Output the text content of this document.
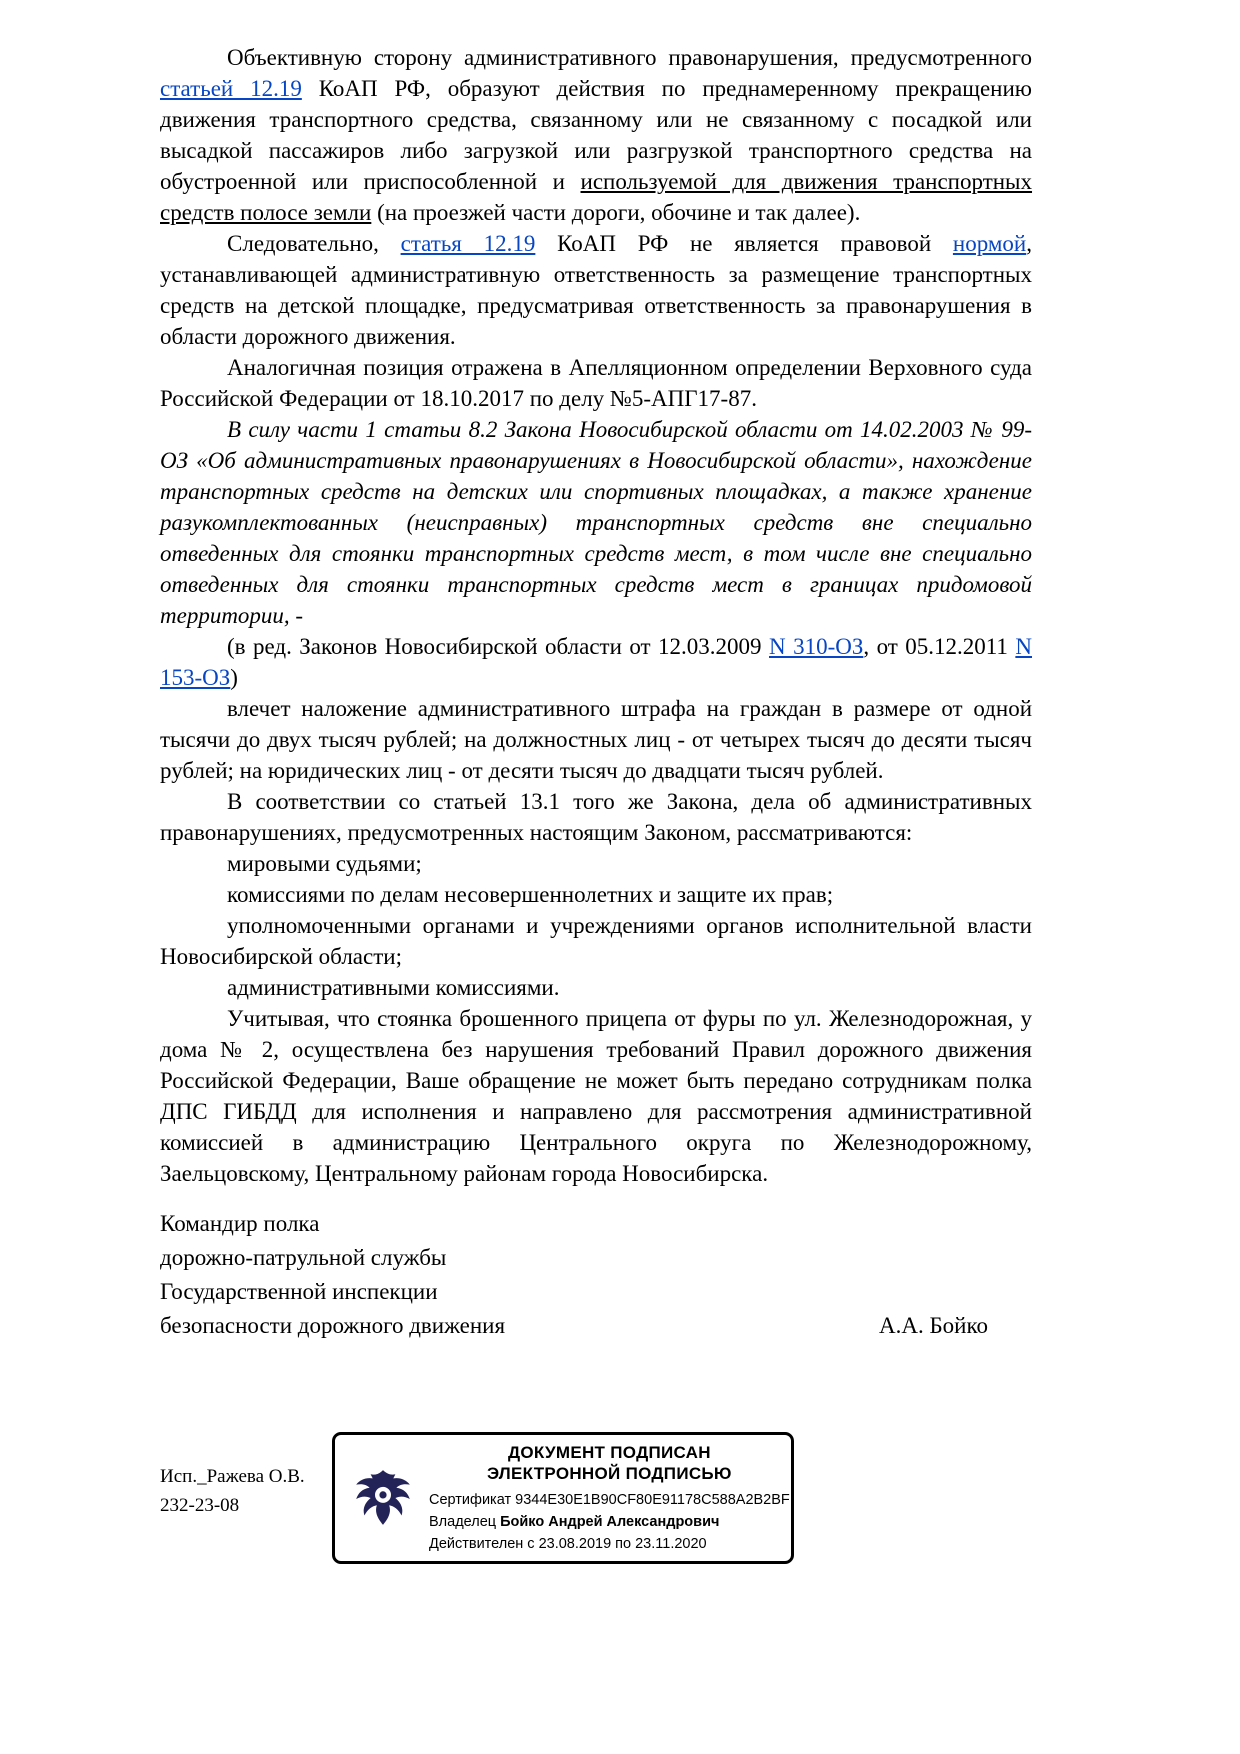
Объективную сторону административного правонарушения, предусмотренного статьей 12.19 КоАП РФ, образуют действия по преднамеренному прекращению движения транспортного средства, связанному или не связанному с посадкой или высадкой пассажиров либо загрузкой или разгрузкой транспортного средства на обустроенной или приспособленной и используемой для движения транспортных средств полосе земли (на проезжей части дороги, обочине и так далее).

Следовательно, статья 12.19 КоАП РФ не является правовой нормой, устанавливающей административную ответственность за размещение транспортных средств на детской площадке, предусматривая ответственность за правонарушения в области дорожного движения.

Аналогичная позиция отражена в Апелляционном определении Верховного суда Российской Федерации от 18.10.2017 по делу №5-АПГ17-87.

В силу части 1 статьи 8.2 Закона Новосибирской области от 14.02.2003 № 99-ОЗ «Об административных правонарушениях в Новосибирской области», нахождение транспортных средств на детских или спортивных площадках, а также хранение разукомплектованных (неисправных) транспортных средств вне специально отведенных для стоянки транспортных средств мест, в том числе вне специально отведенных для стоянки транспортных средств мест в границах придомовой территории, -

(в ред. Законов Новосибирской области от 12.03.2009 N 310-ОЗ, от 05.12.2011 N 153-ОЗ)

влечет наложение административного штрафа на граждан в размере от одной тысячи до двух тысяч рублей; на должностных лиц - от четырех тысяч до десяти тысяч рублей; на юридических лиц - от десяти тысяч до двадцати тысяч рублей.

В соответствии со статьей 13.1 того же Закона, дела об административных правонарушениях, предусмотренных настоящим Законом, рассматриваются:

мировыми судьями;

комиссиями по делам несовершеннолетних и защите их прав;

уполномоченными органами и учреждениями органов исполнительной власти Новосибирской области;

административными комиссиями.

Учитывая, что стоянка брошенного прицепа от фуры по ул. Железнодорожная, у дома № 2, осуществлена без нарушения требований Правил дорожного движения Российской Федерации, Ваше обращение не может быть передано сотрудникам полка ДПС ГИБДД для исполнения и направлено для рассмотрения административной комиссией в администрацию Центрального округа по Железнодорожному, Заельцовскому, Центральному районам города Новосибирска.

Командир полка
дорожно-патрульной службы
Государственной инспекции
безопасности дорожного движения	А.А. Бойко
Исп._Ражева О.В.
232-23-08
ДОКУМЕНТ ПОДПИСАН
ЭЛЕКТРОННОЙ ПОДПИСЬЮ
Сертификат 9344E30E1B90CF80E91178C588A2B2BF
Владелец Бойко Андрей Александрович
Действителен с 23.08.2019 по 23.11.2020
